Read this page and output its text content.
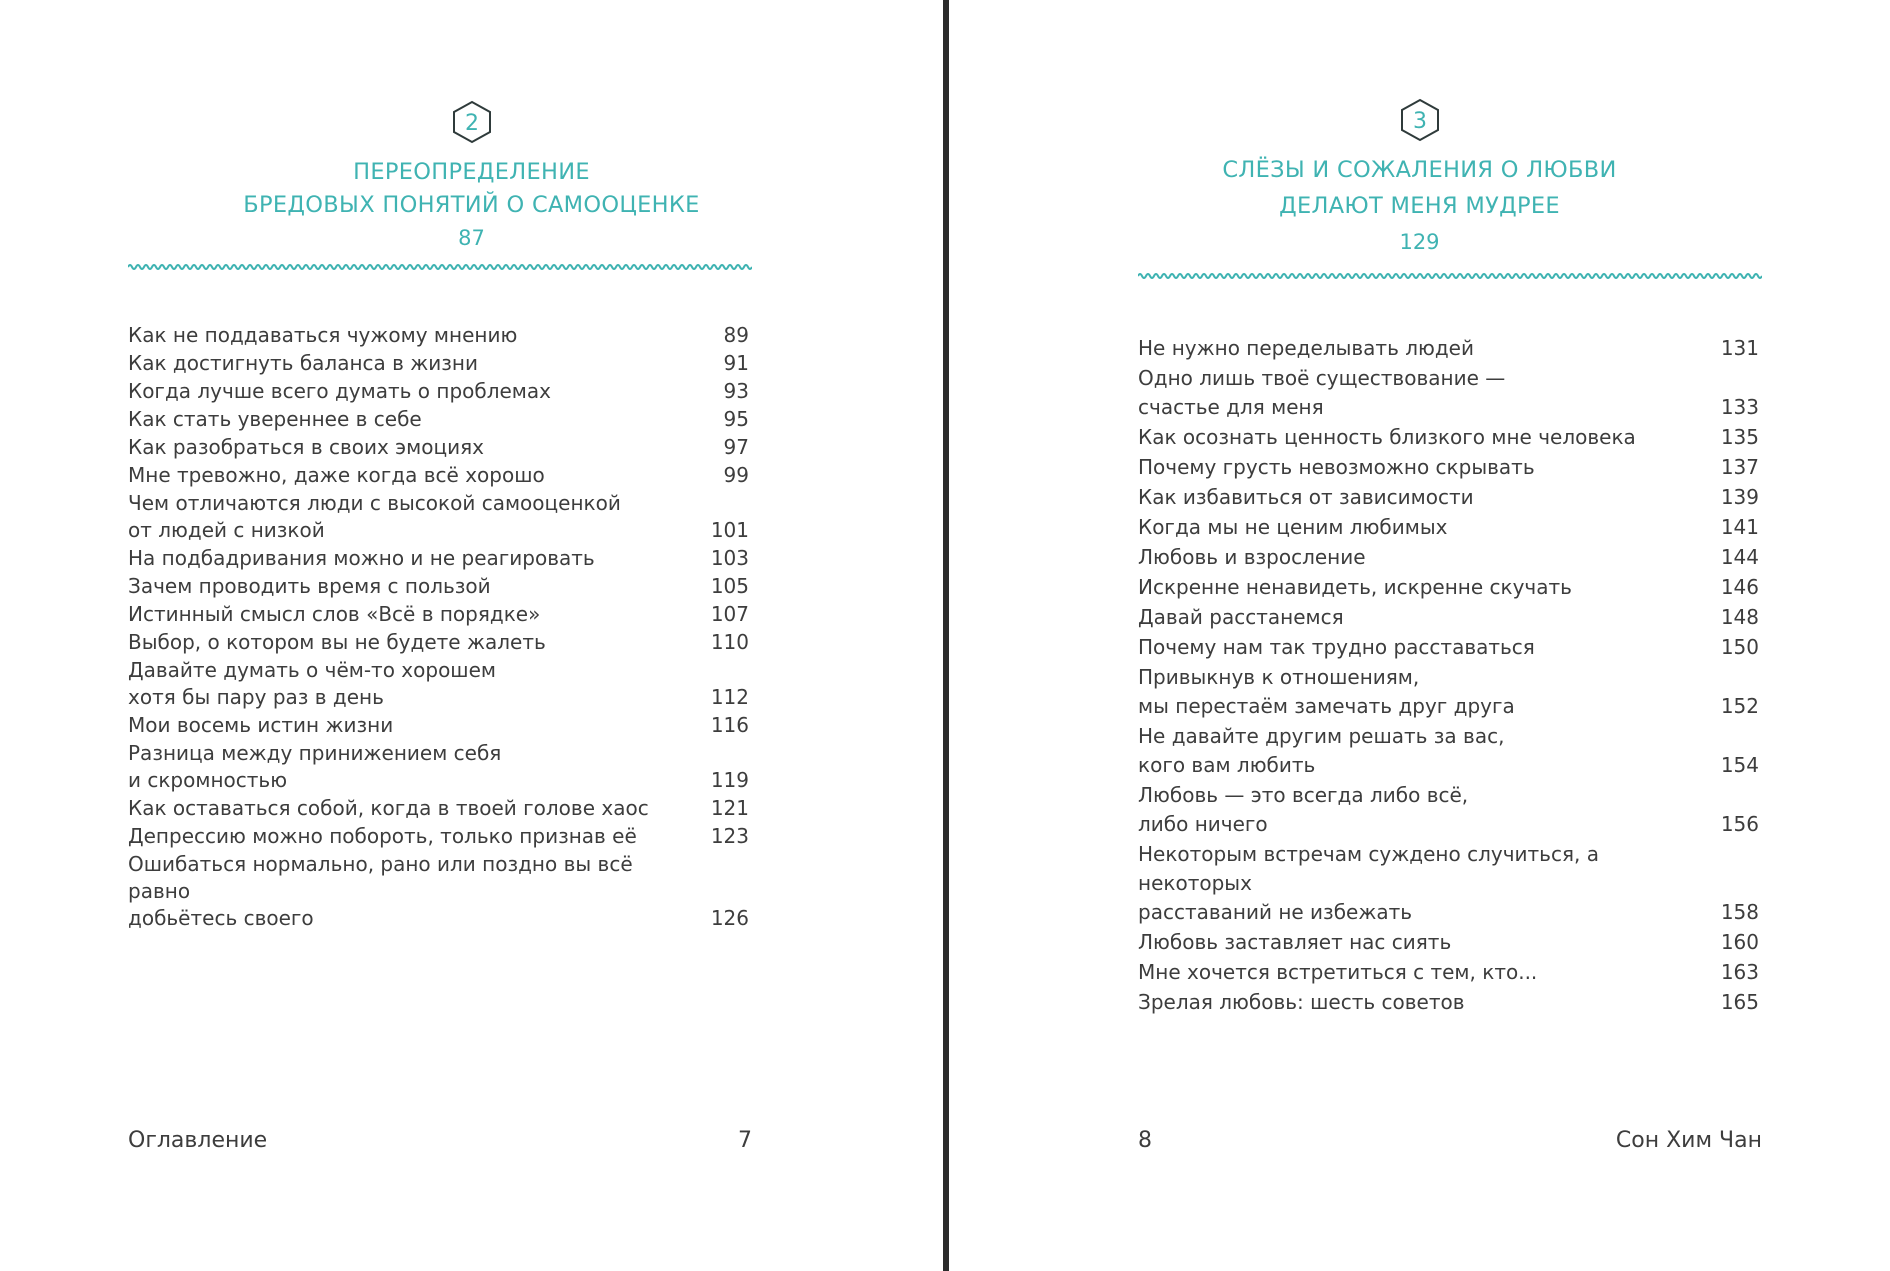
2
ПЕРЕОПРЕДЕЛЕНИЕ
БРЕДОВЫХ ПОНЯТИЙ О САМООЦЕНКЕ
87
Как не поддаваться чужому мнению	89
Как достигнуть баланса в жизни	91
Когда лучше всего думать о проблемах	93
Как стать увереннее в себе	95
Как разобраться в своих эмоциях	97
Мне тревожно, даже когда всё хорошо	99
Чем отличаются люди с высокой самооценкой
от людей с низкой	101
На подбадривания можно и не реагировать	103
Зачем проводить время с пользой	105
Истинный смысл слов «Всё в порядке»	107
Выбор, о котором вы не будете жалеть	110
Давайте думать о чём-то хорошем
хотя бы пару раз в день	112
Мои восемь истин жизни	116
Разница между принижением себя
и скромностью	119
Как оставаться собой, когда в твоей голове хаос	121
Депрессию можно побороть, только признав её	123
Ошибаться нормально, рано или поздно вы всё равно
добьётесь своего	126
Оглавление	7
3
СЛЁЗЫ И СОЖАЛЕНИЯ О ЛЮБВИ
ДЕЛАЮТ МЕНЯ МУДРЕЕ
129
Не нужно переделывать людей	131
Одно лишь твоё существование —
счастье для меня	133
Как осознать ценность близкого мне человека	135
Почему грусть невозможно скрывать	137
Как избавиться от зависимости	139
Когда мы не ценим любимых	141
Любовь и взросление	144
Искренне ненавидеть, искренне скучать	146
Давай расстанемся	148
Почему нам так трудно расставаться	150
Привыкнув к отношениям,
мы перестаём замечать друг друга	152
Не давайте другим решать за вас,
кого вам любить	154
Любовь — это всегда либо всё,
либо ничего	156
Некоторым встречам суждено случиться, а некоторых
расставаний не избежать	158
Любовь заставляет нас сиять	160
Мне хочется встретиться с тем, кто...	163
Зрелая любовь: шесть советов	165
8	Сон Хим Чан
